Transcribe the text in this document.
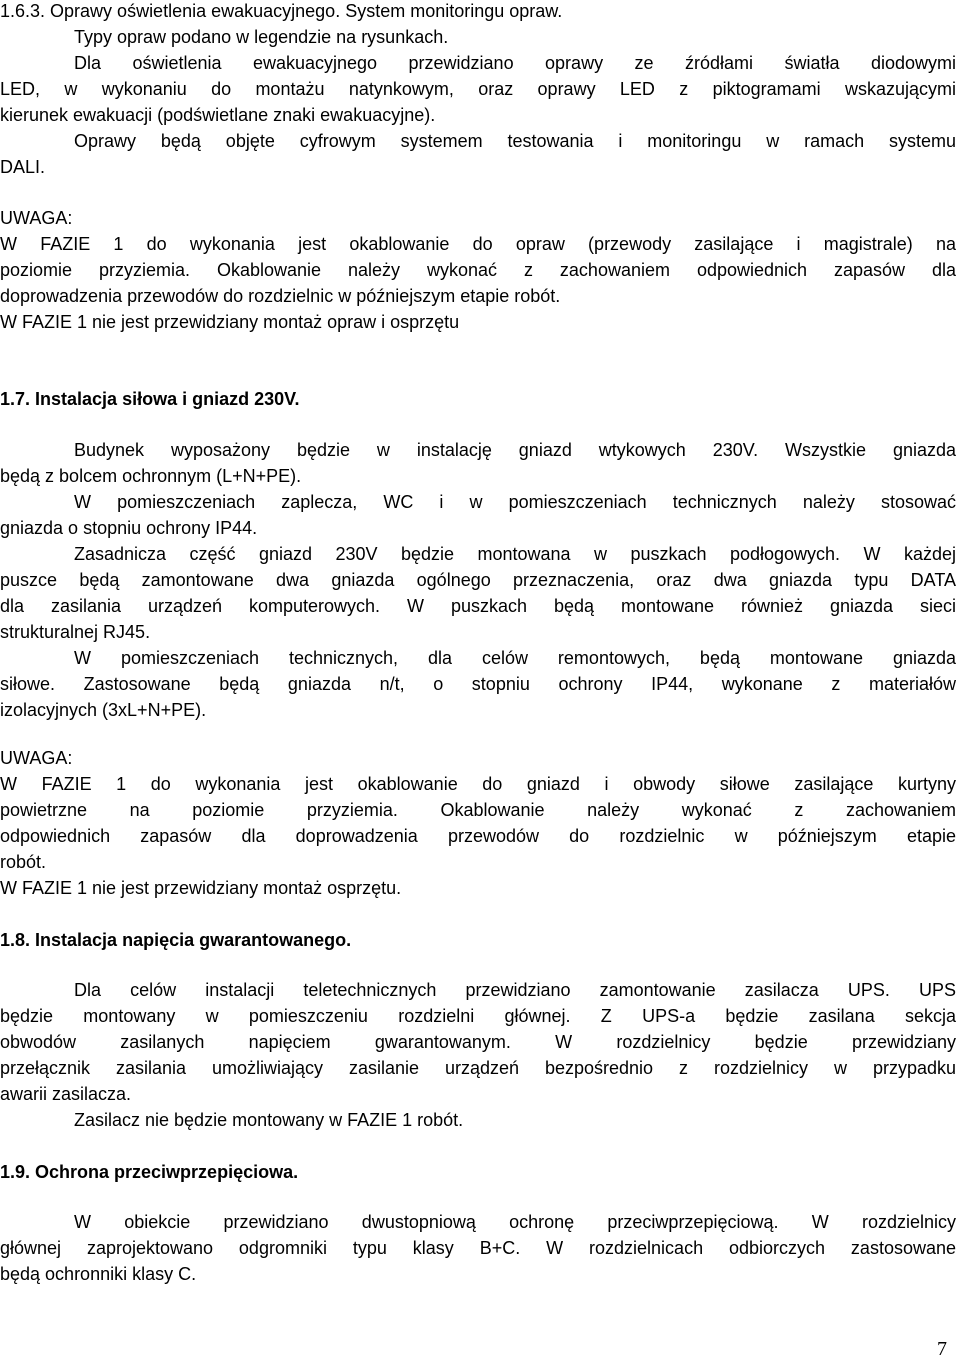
1.6.3. Oprawy oświetlenia ewakuacyjnego. System monitoringu opraw.

Typy opraw podano w legendzie na rysunkach.

Dla oświetlenia ewakuacyjnego przewidziano oprawy ze źródłami światła diodowymi

LED, w wykonaniu do montażu natynkowym, oraz oprawy LED z piktogramami wskazującymi

kierunek ewakuacji (podświetlane znaki ewakuacyjne).

Oprawy będą objęte cyfrowym systemem testowania i monitoringu w ramach systemu

DALI.

UWAGA:

W FAZIE 1 do wykonania jest okablowanie do opraw (przewody zasilające i magistrale) na

poziomie przyziemia. Okablowanie należy wykonać z zachowaniem odpowiednich zapasów dla

doprowadzenia przewodów do rozdzielnic w późniejszym etapie robót.

W FAZIE 1 nie jest przewidziany montaż opraw i osprzętu

1.7. Instalacja siłowa i gniazd 230V.

Budynek wyposażony będzie w instalację gniazd wtykowych 230V. Wszystkie gniazda

będą z bolcem ochronnym (L+N+PE).

W pomieszczeniach zaplecza, WC i w pomieszczeniach technicznych należy stosować

gniazda o stopniu ochrony IP44.

Zasadnicza część gniazd 230V będzie montowana w puszkach podłogowych. W każdej

puszce będą zamontowane dwa gniazda ogólnego przeznaczenia, oraz dwa gniazda typu DATA

dla zasilania urządzeń komputerowych. W puszkach będą montowane również gniazda sieci

strukturalnej RJ45.

W pomieszczeniach technicznych, dla celów remontowych, będą montowane gniazda

siłowe. Zastosowane będą gniazda n/t, o stopniu ochrony IP44, wykonane z materiałów

izolacyjnych (3xL+N+PE).

UWAGA:

W FAZIE 1 do wykonania jest okablowanie do gniazd i obwody siłowe zasilające kurtyny

powietrzne na poziomie przyziemia. Okablowanie należy wykonać z zachowaniem

odpowiednich zapasów dla doprowadzenia przewodów do rozdzielnic w późniejszym etapie

robót.

W FAZIE 1 nie jest przewidziany montaż osprzętu.

1.8. Instalacja napięcia gwarantowanego.

Dla celów instalacji teletechnicznych przewidziano zamontowanie zasilacza UPS. UPS

będzie montowany w pomieszczeniu rozdzielni głównej. Z UPS-a będzie zasilana sekcja

obwodów zasilanych napięciem gwarantowanym. W rozdzielnicy będzie przewidziany

przełącznik zasilania umożliwiający zasilanie urządzeń bezpośrednio z rozdzielnicy w przypadku

awarii zasilacza.

Zasilacz nie będzie montowany w FAZIE 1 robót.

1.9. Ochrona przeciwprzepięciowa.

W obiekcie przewidziano dwustopniową ochronę przeciwprzepięciową. W rozdzielnicy

głównej zaprojektowano odgromniki typu klasy B+C. W rozdzielnicach odbiorczych zastosowane

będą ochronniki klasy C.

7
